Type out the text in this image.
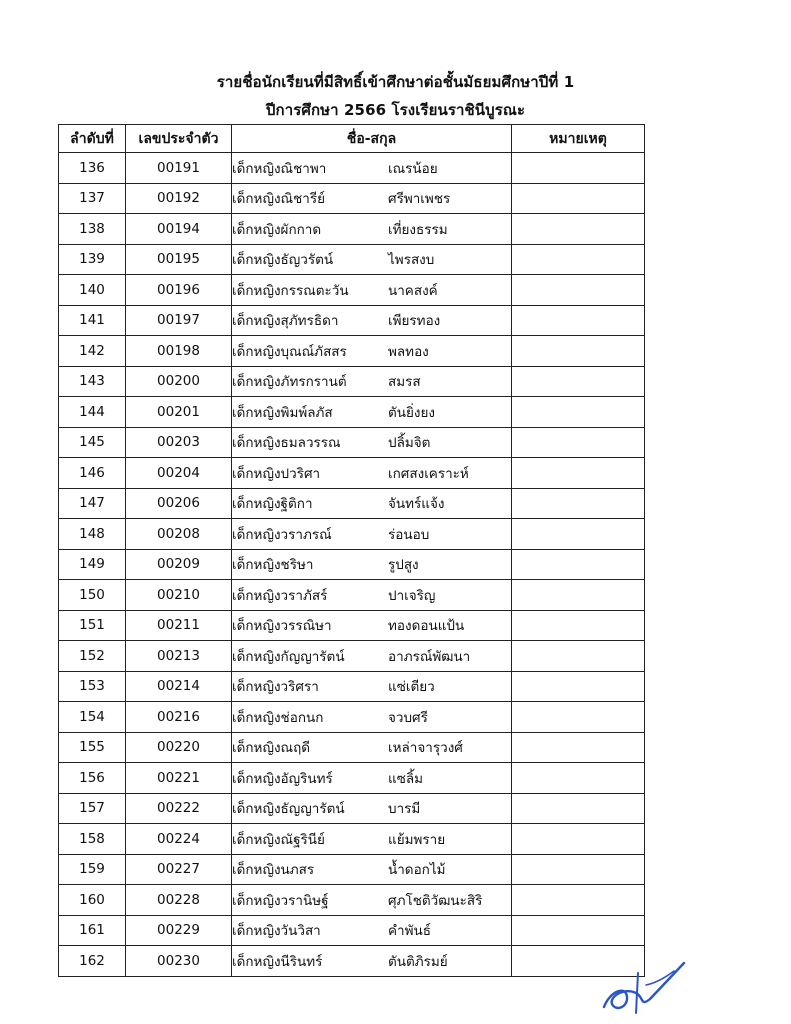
รายชื่อนักเรียนที่มีสิทธิ์เข้าศึกษาต่อชั้นมัธยมศึกษาปีที่ 1
ปีการศึกษา 2566 โรงเรียนราชินีบูรณะ
ลำดับที่	เลขประจำตัว	ชื่อ-สกุล	หมายเหตุ
136	00191	เด็กหญิงณิชาพา เณรน้อย	
137	00192	เด็กหญิงณิชารีย์ ศรีพาเพชร	
138	00194	เด็กหญิงผักกาด เที่ยงธรรม	
139	00195	เด็กหญิงธัญวรัตน์ ไพรสงบ	
140	00196	เด็กหญิงกรรณตะวัน นาคสงค์	
141	00197	เด็กหญิงสุภัทรธิดา เพียรทอง	
142	00198	เด็กหญิงบุณณ์ภัสสร พลทอง	
143	00200	เด็กหญิงภัทรกรานต์ สมรส	
144	00201	เด็กหญิงพิมพ์ลภัส ตันยิ่งยง	
145	00203	เด็กหญิงธมลวรรณ ปลิ้มจิต	
146	00204	เด็กหญิงปวริศา เกศสงเคราะห์	
147	00206	เด็กหญิงฐิติกา จันทร์แจ้ง	
148	00208	เด็กหญิงวราภรณ์ ร่อนอบ	
149	00209	เด็กหญิงชริษา รูปสูง	
150	00210	เด็กหญิงวราภัสร์ ปาเจริญ	
151	00211	เด็กหญิงวรรณิษา ทองดอนแป้น	
152	00213	เด็กหญิงกัญญารัตน์ อาภรณ์พัฒนา	
153	00214	เด็กหญิงวริศรา แซ่เตียว	
154	00216	เด็กหญิงช่อกนก จวบศรี	
155	00220	เด็กหญิงณฤดี เหล่าจารุวงศ์	
156	00221	เด็กหญิงอัญรินทร์ แซลิ้ม	
157	00222	เด็กหญิงธัญญารัตน์ บารมี	
158	00224	เด็กหญิงณัฐรินีย์ แย้มพราย	
159	00227	เด็กหญิงนภสร น้ำดอกไม้	
160	00228	เด็กหญิงวรานิษฐ์ ศุภโชติวัฒนะสิริ	
161	00229	เด็กหญิงวันวิสา คำพันธ์	
162	00230	เด็กหญิงนีรินทร์ ตันติภิรมย์	
